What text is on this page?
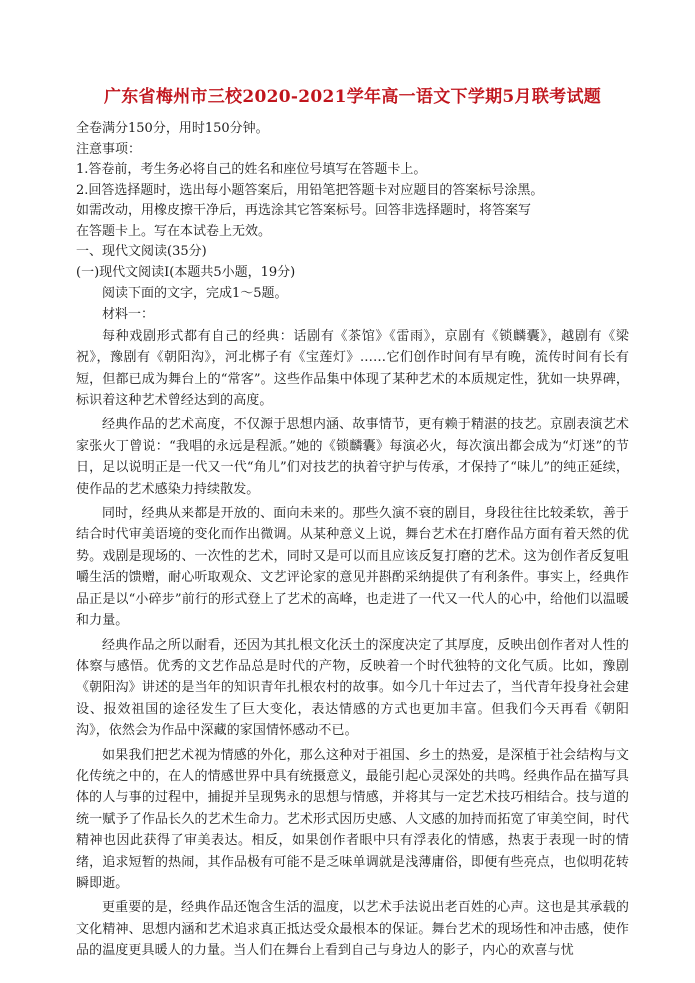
广东省梅州市三校2020-2021学年高一语文下学期5月联考试题

全卷满分150分，用时150分钟。

注意事项：

1.答卷前，考生务必将自己的姓名和座位号填写在答题卡上。

2.回答选择题时，选出每小题答案后，用铅笔把答题卡对应题目的答案标号涂黑。

如需改动，用橡皮擦干净后，再选涂其它答案标号。回答非选择题时，将答案写

在答题卡上。写在本试卷上无效。

一、现代文阅读(35分)

(一)现代文阅读Ⅰ(本题共5小题，19分)

阅读下面的文字，完成1～5题。

材料一：

每种戏剧形式都有自己的经典：话剧有《茶馆》《雷雨》，京剧有《锁麟囊》，越剧有《梁祝》，豫剧有《朝阳沟》，河北梆子有《宝莲灯》……它们创作时间有早有晚，流传时间有长有短，但都已成为舞台上的“常客”。这些作品集中体现了某种艺术的本质规定性，犹如一块界碑，标识着这种艺术曾经达到的高度。

经典作品的艺术高度，不仅源于思想内涵、故事情节，更有赖于精湛的技艺。京剧表演艺术家张火丁曾说：“我唱的永远是程派。”她的《锁麟囊》每演必火，每次演出都会成为“灯迷”的节日，足以说明正是一代又一代“角儿”们对技艺的执着守护与传承，才保持了“味儿”的纯正延续，使作品的艺术感染力持续散发。

同时，经典从来都是开放的、面向未来的。那些久演不衰的剧目，身段往往比较柔软，善于结合时代审美语境的变化而作出微调。从某种意义上说，舞台艺术在打磨作品方面有着天然的优势。戏剧是现场的、一次性的艺术，同时又是可以而且应该反复打磨的艺术。这为创作者反复咀嚼生活的馈赠，耐心听取观众、文艺评论家的意见并斟酌采纳提供了有利条件。事实上，经典作品正是以“小碎步”前行的形式登上了艺术的高峰，也走进了一代又一代人的心中，给他们以温暖和力量。

经典作品之所以耐看，还因为其扎根文化沃土的深度决定了其厚度，反映出创作者对人性的体察与感悟。优秀的文艺作品总是时代的产物，反映着一个时代独特的文化气质。比如，豫剧《朝阳沟》讲述的是当年的知识青年扎根农村的故事。如今几十年过去了，当代青年投身社会建设、报效祖国的途径发生了巨大变化，表达情感的方式也更加丰富。但我们今天再看《朝阳沟》，依然会为作品中深藏的家国情怀感动不已。

如果我们把艺术视为情感的外化，那么这种对于祖国、乡土的热爱，是深植于社会结构与文化传统之中的，在人的情感世界中具有统摄意义，最能引起心灵深处的共鸣。经典作品在描写具体的人与事的过程中，捕捉并呈现隽永的思想与情感，并将其与一定艺术技巧相结合。技与道的统一赋予了作品长久的艺术生命力。艺术形式因历史感、人文感的加持而拓宽了审美空间，时代精神也因此获得了审美表达。相反，如果创作者眼中只有浮表化的情感，热衷于表现一时的情绪，追求短暂的热闹，其作品极有可能不是乏味单调就是浅薄庸俗，即便有些亮点，也似明花转瞬即逝。

更重要的是，经典作品还饱含生活的温度，以艺术手法说出老百姓的心声。这也是其承载的文化精神、思想内涵和艺术追求真正抵达受众最根本的保证。舞台艺术的现场性和冲击感，使作品的温度更具暖人的力量。当人们在舞台上看到自己与身边人的影子，内心的欢喜与忧
